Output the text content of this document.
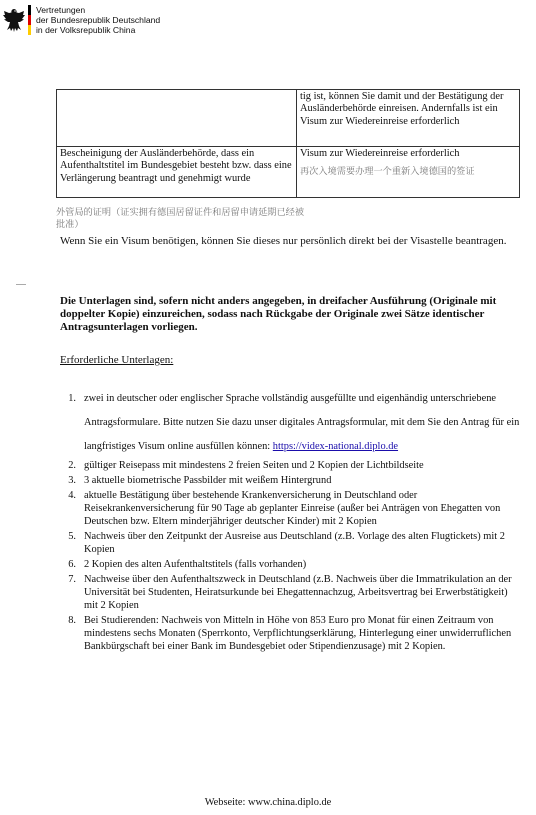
Vertretungen
der Bundesrepublik Deutschland
in der Volksrepublik China
	tig ist, können Sie damit und der Bestätigung der Ausländerbehörde einreisen. Andernfalls ist ein Visum zur Wiedereinreise erforderlich
Bescheinigung der Ausländerbehörde, dass ein Aufenthaltstitel im Bundesgebiet besteht bzw. dass eine Verlängerung beantragt und genehmigt wurde	Visum zur Wiedereinreise erforderlich
再次入境需要办理一个重新入境德国的签证
外管局的证明（证实拥有德国居留证件和居留申请延期已经被批准）
Wenn Sie ein Visum benötigen, können Sie dieses nur persönlich direkt bei der Visastelle beantragen.
Die Unterlagen sind, sofern nicht anders angegeben, in dreifacher Ausführung (Originale mit doppelter Kopie) einzureichen, sodass nach Rückgabe der Originale zwei Sätze identischer Antragsunterlagen vorliegen.
Erforderliche Unterlagen:
1. zwei in deutscher oder englischer Sprache vollständig ausgefüllte und eigenhändig unterschriebene Antragsformulare. Bitte nutzen Sie dazu unser digitales Antragsformular, mit dem Sie den Antrag für ein langfristiges Visum online ausfüllen können: https://videx-national.diplo.de
2. gültiger Reisepass mit mindestens 2 freien Seiten und 2 Kopien der Lichtbildseite
3. 3 aktuelle biometrische Passbilder mit weißem Hintergrund
4. aktuelle Bestätigung über bestehende Krankenversicherung in Deutschland oder Reisekrankenversicherung für 90 Tage ab geplanter Einreise (außer bei Anträgen von Ehegatten von Deutschen bzw. Eltern minderjähriger deutscher Kinder) mit 2 Kopien
5. Nachweis über den Zeitpunkt der Ausreise aus Deutschland (z.B. Vorlage des alten Flugtickets) mit 2 Kopien
6. 2 Kopien des alten Aufenthaltstitels (falls vorhanden)
7. Nachweise über den Aufenthaltszweck in Deutschland (z.B. Nachweis über die Immatrikulation an der Universität bei Studenten, Heiratsurkunde bei Ehegattennachzug, Arbeitsvertrag bei Erwerbstätigkeit) mit 2 Kopien
8. Bei Studierenden: Nachweis von Mitteln in Höhe von 853 Euro pro Monat für einen Zeitraum von mindestens sechs Monaten (Sperrkonto, Verpflichtungserklärung, Hinterlegung einer unwiderruflichen Bankbürgschaft bei einer Bank im Bundesgebiet oder Stipendienzusage) mit 2 Kopien.
Webseite: www.china.diplo.de
